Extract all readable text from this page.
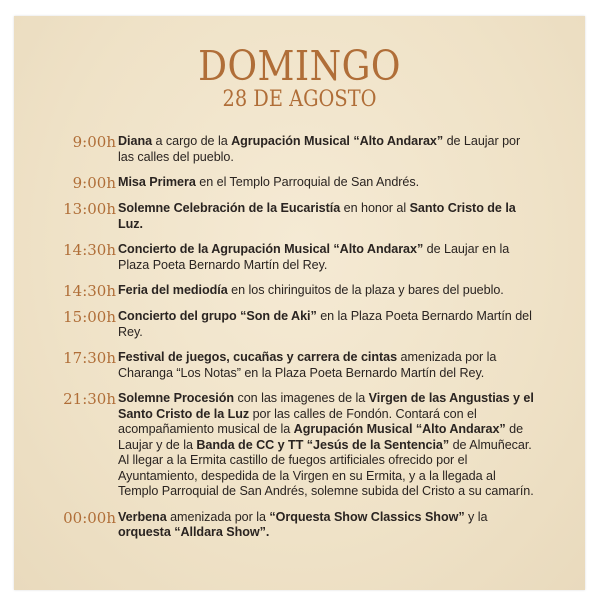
DOMINGO
28 DE AGOSTO
9:00h Diana a cargo de la Agrupación Musical “Alto Andarax” de Laujar por las calles del pueblo.
9:00h Misa Primera en el Templo Parroquial de San Andrés.
13:00h Solemne Celebración de la Eucaristía en honor al Santo Cristo de la Luz.
14:30h Concierto de la Agrupación Musical “Alto Andarax” de Laujar en la Plaza Poeta Bernardo Martín del Rey.
14:30h Feria del mediodía en los chiringuitos de la plaza y bares del pueblo.
15:00h Concierto del grupo “Son de Aki” en la Plaza Poeta Bernardo Martín del Rey.
17:30h Festival de juegos, cucañas y carrera de cintas amenizada por la Charanga “Los Notas” en la Plaza Poeta Bernardo Martín del Rey.
21:30h Solemne Procesión con las imagenes de la Virgen de las Angustias y el Santo Cristo de la Luz por las calles de Fondón. Contará con el acompañamiento musical de la Agrupación Musical “Alto Andarax” de Laujar y de la Banda de CC y TT “Jesús de la Sentencia” de Almuñecar. Al llegar a la Ermita castillo de fuegos artificiales ofrecido por el Ayuntamiento, despedida de la Virgen en su Ermita, y a la llegada al Templo Parroquial de San Andrés, solemne subida del Cristo a su camarín.
00:00h Verbena amenizada por la “Orquesta Show Classics Show” y la orquesta “Alldara Show”.
